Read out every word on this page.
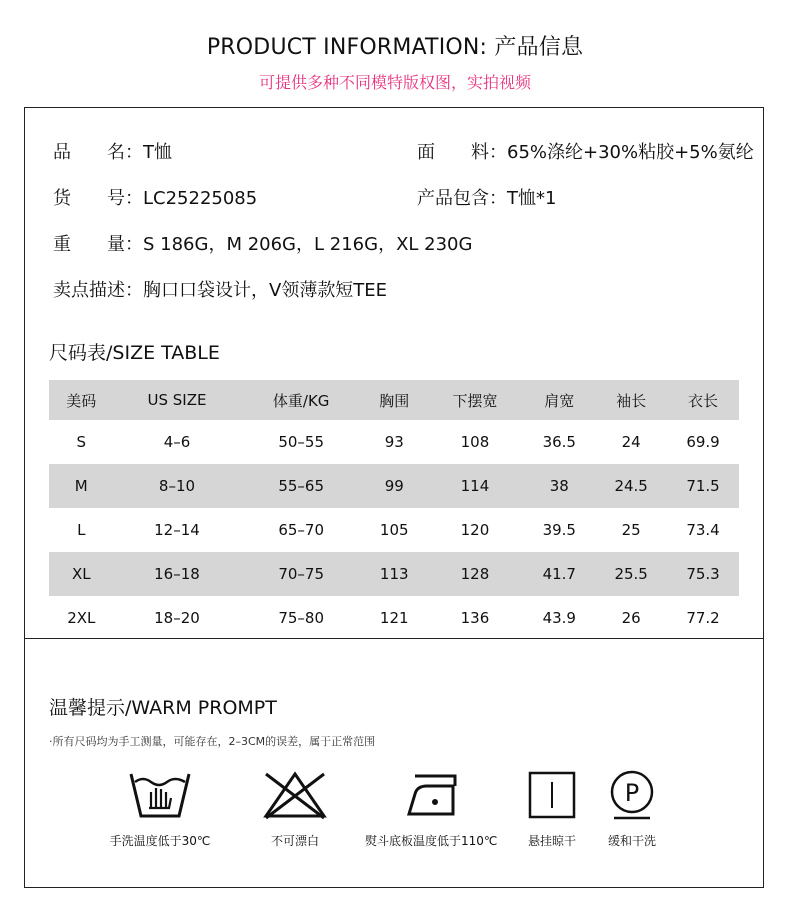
PRODUCT INFORMATION: 产品信息
可提供多种不同模特版权图，实拍视频
品　　名：T恤	面　　料：65%涤纶+30%粘胶+5%氨纶
货　　号：LC25225085	产品包含：T恤*1
重　　量：S 186G，M 206G，L 216G，XL 230G
卖点描述：胸口口袋设计，V领薄款短TEE
尺码表/SIZE TABLE
美码	US SIZE	体重/KG	胸围	下摆宽	肩宽	袖长	衣长
S	4–6	50–55	93	108	36.5	24	69.9
M	8–10	55–65	99	114	38	24.5	71.5
L	12–14	65–70	105	120	39.5	25	73.4
XL	16–18	70–75	113	128	41.7	25.5	75.3
2XL	18–20	75–80	121	136	43.9	26	77.2
温馨提示/WARM PROMPT
·所有尺码均为手工测量，可能存在，2–3CM的误差，属于正常范围
手洗温度低于30℃	不可漂白	熨斗底板温度低于110℃	悬挂晾干
P
缓和干洗
